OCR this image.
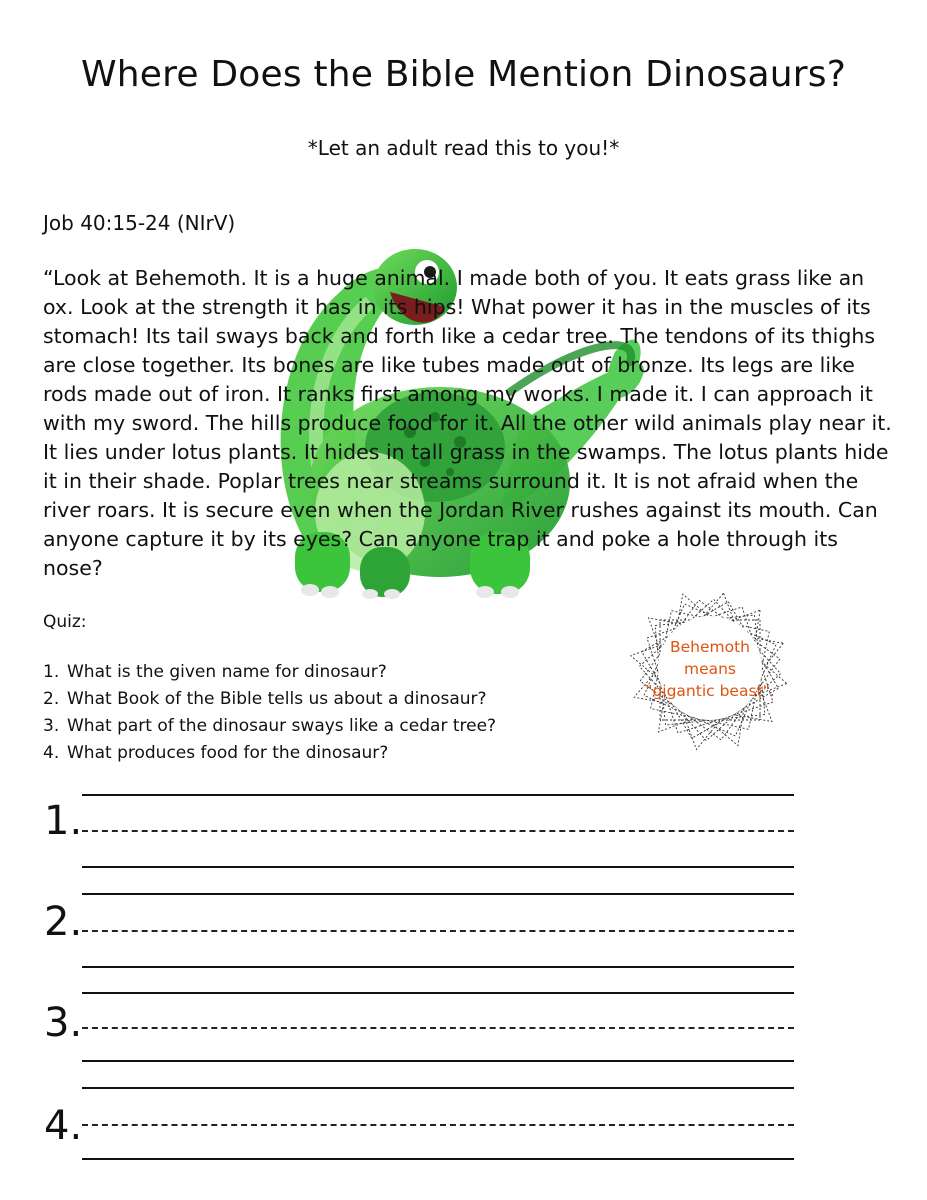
Where Does the Bible Mention Dinosaurs?
*Let an adult read this to you!*
Job 40:15-24 (NIrV)

“Look at Behemoth. It is a huge animal. I made both of you. It eats grass like an ox. Look at the strength it has in its hips! What power it has in the muscles of its stomach! Its tail sways back and forth like a cedar tree. The tendons of its thighs are close together. Its bones are like tubes made out of bronze. Its legs are like rods made out of iron. It ranks first among my works. I made it. I can approach it with my sword. The hills produce food for it. All the other wild animals play near it. It lies under lotus plants. It hides in tall grass in the swamps. The lotus plants hide it in their shade. Poplar trees near streams surround it. It is not afraid when the river roars. It is secure even when the Jordan River rushes against its mouth. Can anyone capture it by its eyes? Can anyone trap it and poke a hole through its nose?

Quiz:
1. What is the given name for dinosaur?
2. What Book of the Bible tells us about a dinosaur?
3. What part of the dinosaur sways like a cedar tree?
4. What produces food for the dinosaur?
Behemoth
means
"gigantic beast".
1.
2.
3.
4.
